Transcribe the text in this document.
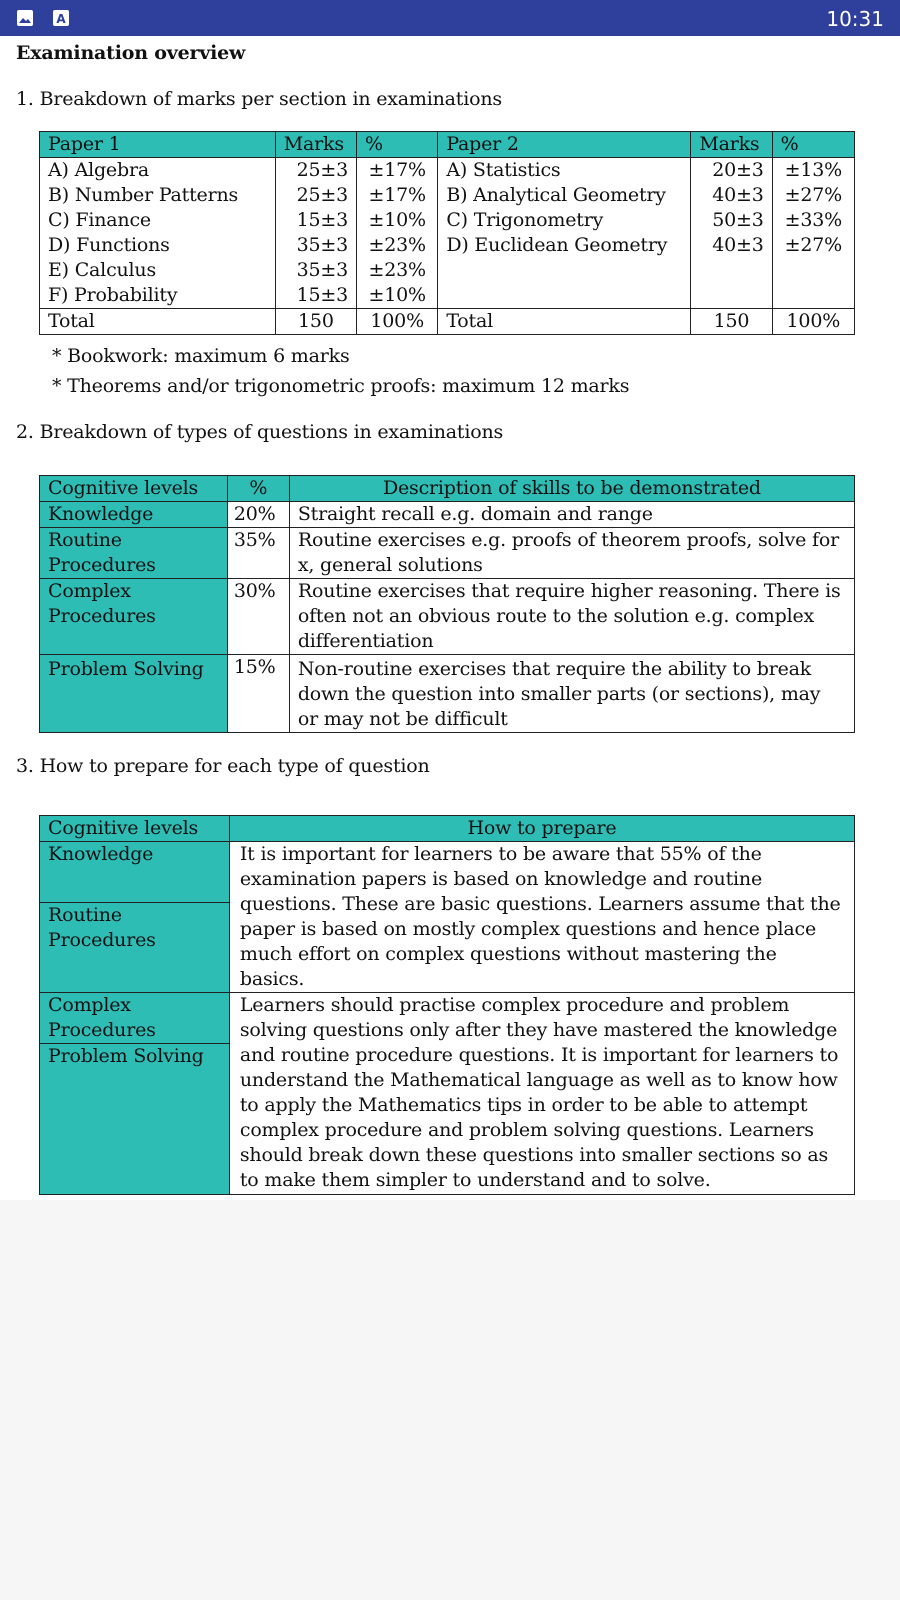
A	10:31
Examination overview
1. Breakdown of marks per section in examinations
Paper 1	Marks	%	Paper 2	Marks	%
A) Algebra	25±3	±17%	A) Statistics	20±3	±13%
B) Number Patterns	25±3	±17%	B) Analytical Geometry	40±3	±27%
C) Finance	15±3	±10%	C) Trigonometry	50±3	±33%
D) Functions	35±3	±23%	D) Euclidean Geometry	40±3	±27%
E) Calculus	35±3	±23%			
F) Probability	15±3	±10%			
Total	150	100%	Total	150	100%
* Bookwork: maximum 6 marks
* Theorems and/or trigonometric proofs: maximum 12 marks
2. Breakdown of types of questions in examinations
Cognitive levels	%	Description of skills to be demonstrated
Knowledge	20%	Straight recall e.g. domain and range
Routine Procedures	35%	Routine exercises e.g. proofs of theorem proofs, solve for x, general solutions
Complex Procedures	30%	Routine exercises that require higher reasoning. There is often not an obvious route to the solution e.g. complex differentiation
Problem Solving	15%	Non-routine exercises that require the ability to break down the question into smaller parts (or sections), may or may not be difficult
3. How to prepare for each type of question
Cognitive levels	How to prepare
Knowledge	It is important for learners to be aware that 55% of the examination papers is based on knowledge and routine questions. These are basic questions. Learners assume that the paper is based on mostly complex questions and hence place much effort on complex questions without mastering the basics.
Routine Procedures	
Complex Procedures	Learners should practise complex procedure and problem solving questions only after they have mastered the knowledge and routine procedure questions. It is important for learners to understand the Mathematical language as well as to know how to apply the Mathematics tips in order to be able to attempt complex procedure and problem solving questions. Learners should break down these questions into smaller sections so as to make them simpler to understand and to solve.
Problem Solving	
